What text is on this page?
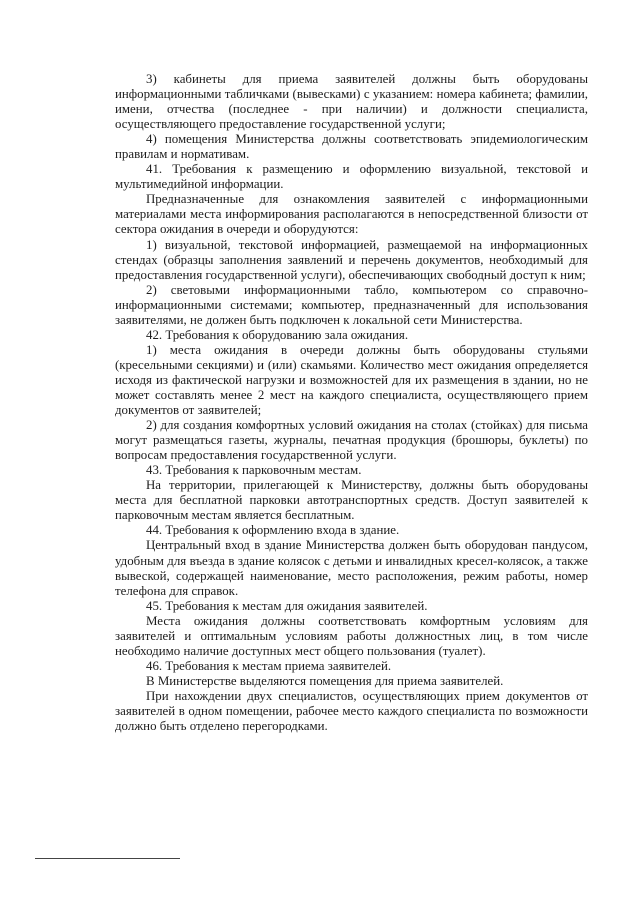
3) кабинеты для приема заявителей должны быть оборудованы информационными табличками (вывесками) с указанием: номера кабинета; фамилии, имени, отчества (последнее - при наличии) и должности специалиста, осуществляющего предоставление государственной услуги;

4) помещения Министерства должны соответствовать эпидемиологическим правилам и нормативам.

41. Требования к размещению и оформлению визуальной, текстовой и мультимедийной информации.

Предназначенные для ознакомления заявителей с информационными материалами места информирования располагаются в непосредственной близости от сектора ожидания в очереди и оборудуются:

1) визуальной, текстовой информацией, размещаемой на информационных стендах (образцы заполнения заявлений и перечень документов, необходимый для предоставления государственной услуги), обеспечивающих свободный доступ к ним;

2) световыми информационными табло, компьютером со справочно-информационными системами; компьютер, предназначенный для использования заявителями, не должен быть подключен к локальной сети Министерства.

42. Требования к оборудованию зала ожидания.

1) места ожидания в очереди должны быть оборудованы стульями (кресельными секциями) и (или) скамьями. Количество мест ожидания определяется исходя из фактической нагрузки и возможностей для их размещения в здании, но не может составлять менее 2 мест на каждого специалиста, осуществляющего прием документов от заявителей;

2) для создания комфортных условий ожидания на столах (стойках) для письма могут размещаться газеты, журналы, печатная продукция (брошюры, буклеты) по вопросам предоставления государственной услуги.

43. Требования к парковочным местам.

На территории, прилегающей к Министерству, должны быть оборудованы места для бесплатной парковки автотранспортных средств. Доступ заявителей к парковочным местам является бесплатным.

44. Требования к оформлению входа в здание.

Центральный вход в здание Министерства должен быть оборудован пандусом, удобным для въезда в здание колясок с детьми и инвалидных кресел-колясок, а также вывеской, содержащей наименование, место расположения, режим работы, номер телефона для справок.

45. Требования к местам для ожидания заявителей.

Места ожидания должны соответствовать комфортным условиям для заявителей и оптимальным условиям работы должностных лиц, в том числе необходимо наличие доступных мест общего пользования (туалет).

46. Требования к местам приема заявителей.

В Министерстве выделяются помещения для приема заявителей.

При нахождении двух специалистов, осуществляющих прием документов от заявителей в одном помещении, рабочее место каждого специалиста по возможности должно быть отделено перегородками.
